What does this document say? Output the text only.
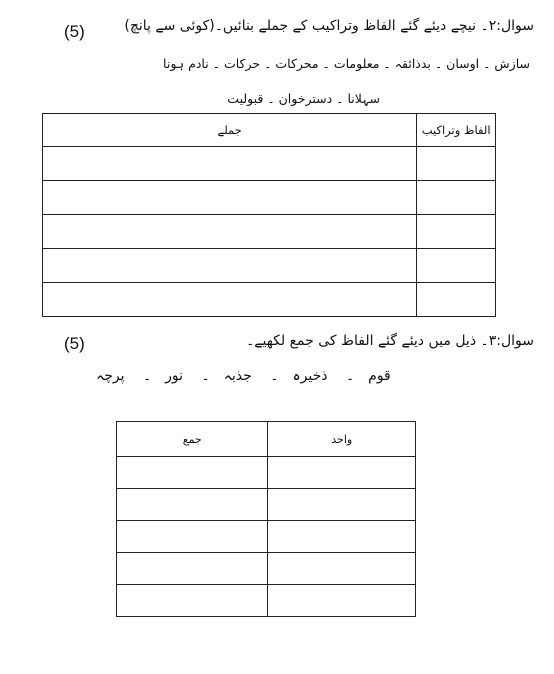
سوال:۲۔ نیچے دیئے گئے الفاظ وتراکیب کے جملے بنائیں۔(کوئی سے پانچ)
(5)
سازش ۔ اوسان ۔ بدذائقہ ۔ معلومات ۔ محرکات ۔ حرکات ۔ نادم ہونا
سہلانا ۔ دسترخوان ۔ قبولیت
جملے	الفاظ وتراکیب

سوال:۳۔ ذیل میں دیئے گئے الفاظ کی جمع لکھیے۔
(5)
قوم۔ ذخیرہ۔ جذبہ۔ نور۔ پرچہ
جمع	واحد
